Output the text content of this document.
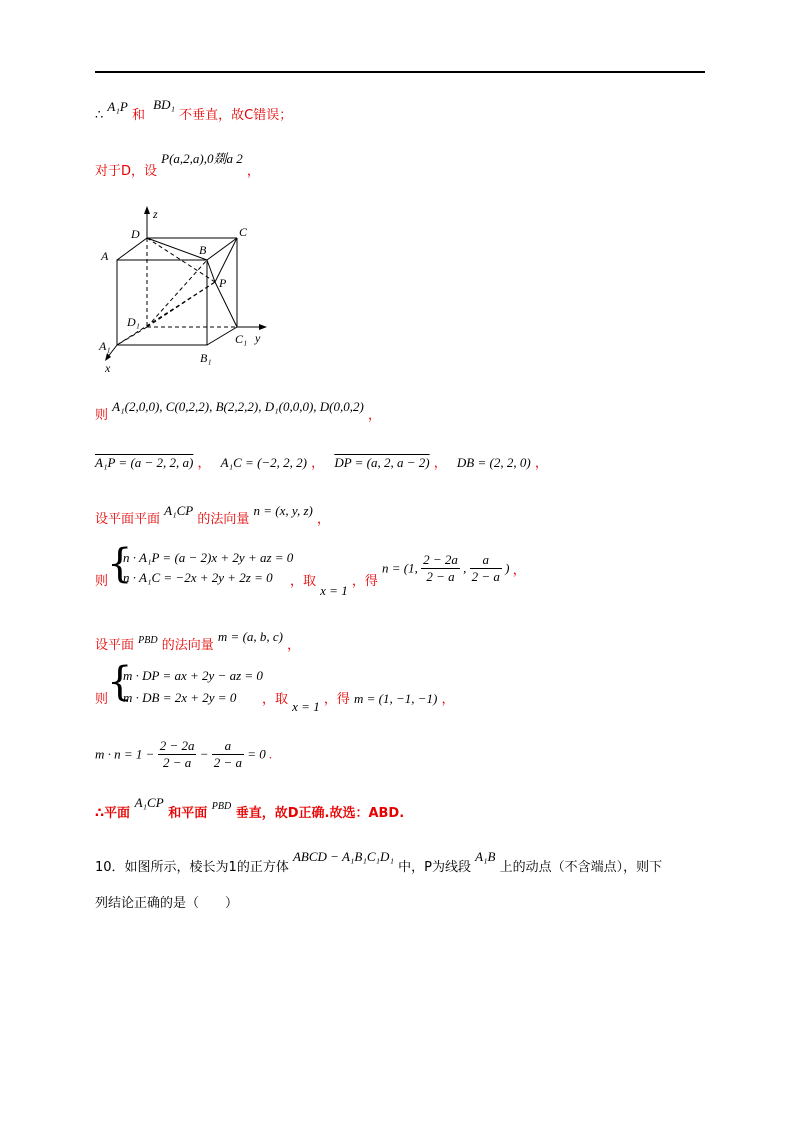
∴ A₁P 和 BD₁ 不垂直，故C错误；
对于D，设 P(a,2,a),0剟a 2 ，
z
D	C
A	B
P
D₁
A₁	C₁ y
B₁
x
则 A₁(2,0,0), C(0,2,2), B(2,2,2), D₁(0,0,0), D(0,0,2) ，
A₁P = (a − 2, 2, a) ， A₁C = (−2, 2, 2) ， DP = (a, 2, a − 2) ， DB = (2, 2, 0) ，
设平面平面 A₁CP 的法向量 n = (x, y, z) ，
则
{
n · A₁P = (a − 2)x + 2y + az = 0
n · A₁C = −2x + 2y + 2z = 0 ，取 x = 1 ，得
n = (1, $\frac{2 - 2a}{2 - a}$ , $\frac{a}{2 - a}$ ) ，
设平面 $^{PBD}$ 的法向量 m = (a, b, c) ，
则
{
m · DP = ax + 2y − az = 0
m · DB = 2x + 2y = 0 ，取 x = 1 ，得 m = (1, −1, −1) ，
$m \cdot n = 1 - \frac{2 - 2a}{2 - a} - \frac{a}{2 - a} = 0$ .
∴平面 A₁CP 和平面 $^{PBD}$ 垂直，故D正确.故选：ABD.
10．如图所示，棱长为1的正方体 ABCD − A₁B₁C₁D₁ 中，P为线段 A₁B 上的动点（不含端点），则下
列结论正确的是（　　）
